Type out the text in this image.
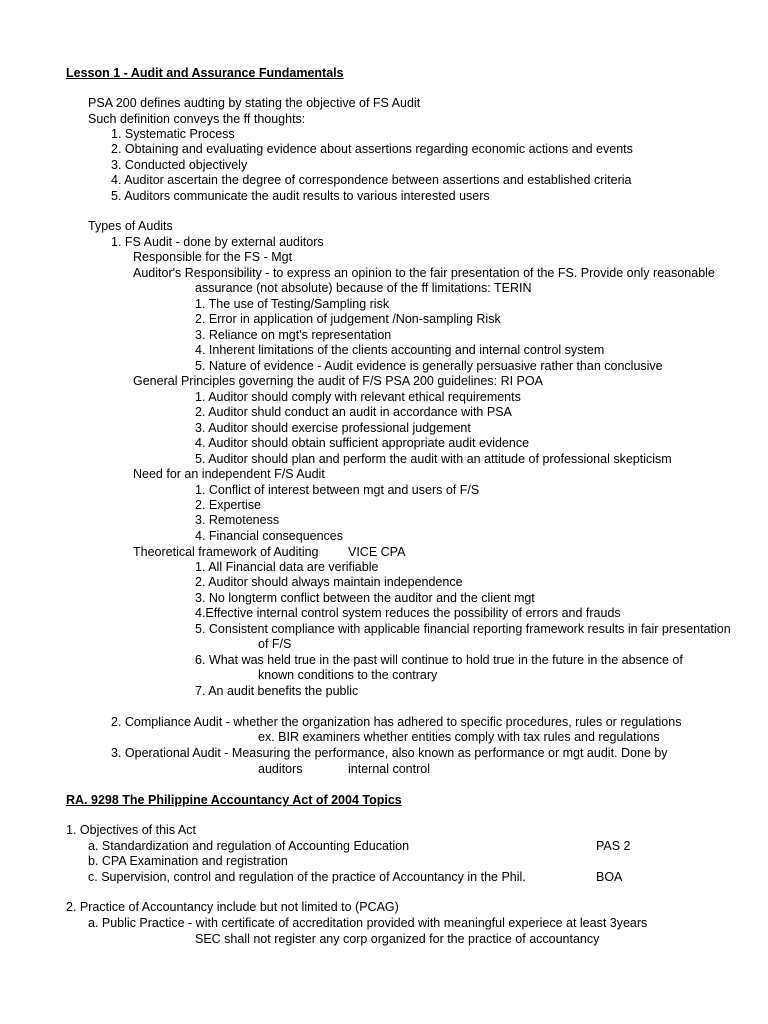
Lesson 1 - Audit and Assurance Fundamentals
PSA 200 defines audting by stating the objective of FS Audit
Such definition conveys the ff thoughts:
1. Systematic Process
2. Obtaining and evaluating evidence about assertions regarding economic actions and events
3. Conducted objectively
4. Auditor ascertain the degree of correspondence between assertions and established criteria
5. Auditors communicate the audit results to various interested users
Types of Audits
1. FS Audit - done by external auditors
Responsible for the FS - Mgt
Auditor's Responsibility - to express an opinion to the fair presentation of the FS. Provide only reasonable
assurance (not absolute) because of the ff limitations: TERIN
1. The use of Testing/Sampling risk
2. Error in application of judgement /Non-sampling Risk
3. Reliance on mgt's representation
4. Inherent limitations of the clients accounting and internal control system
5. Nature of evidence - Audit evidence is generally persuasive rather than conclusive
General Principles governing the audit of F/S PSA 200 guidelines: RI POA
1. Auditor should comply with relevant ethical requirements
2. Auditor shuld conduct an audit in accordance with PSA
3. Auditor should exercise professional judgement
4. Auditor should obtain sufficient appropriate audit evidence
5. Auditor should plan and perform the audit with an attitude of professional skepticism
Need for an independent F/S Audit
1. Conflict of interest between mgt and users of F/S
2. Expertise
3. Remoteness
4. Financial consequences
Theoretical framework of Auditing VICE CPA
1. All Financial data are verifiable
2. Auditor should always maintain independence
3. No longterm conflict between the auditor and the client mgt
4.Effective internal control system reduces the possibility of errors and frauds
5. Consistent compliance with applicable financial reporting framework results in fair presentation
of F/S
6. What was held true in the past will continue to hold true in the future in the absence of
known conditions to the contrary
7. An audit benefits the public
2. Compliance Audit - whether the organization has adhered to specific procedures, rules or regulations
ex. BIR examiners whether entities comply with tax rules and regulations
3. Operational Audit - Measuring the performance, also known as performance or mgt audit. Done by
auditors	internal control
RA. 9298 The Philippine Accountancy Act of 2004 Topics
1. Objectives of this Act
a. Standardization and regulation of Accounting Education	PAS 2
b. CPA Examination and registration
c. Supervision, control and regulation of the practice of Accountancy in the Phil.	BOA
2. Practice of Accountancy include but not limited to (PCAG)
a. Public Practice - with certificate of accreditation provided with meaningful experiece at least 3years
SEC shall not register any corp organized for the practice of accountancy
